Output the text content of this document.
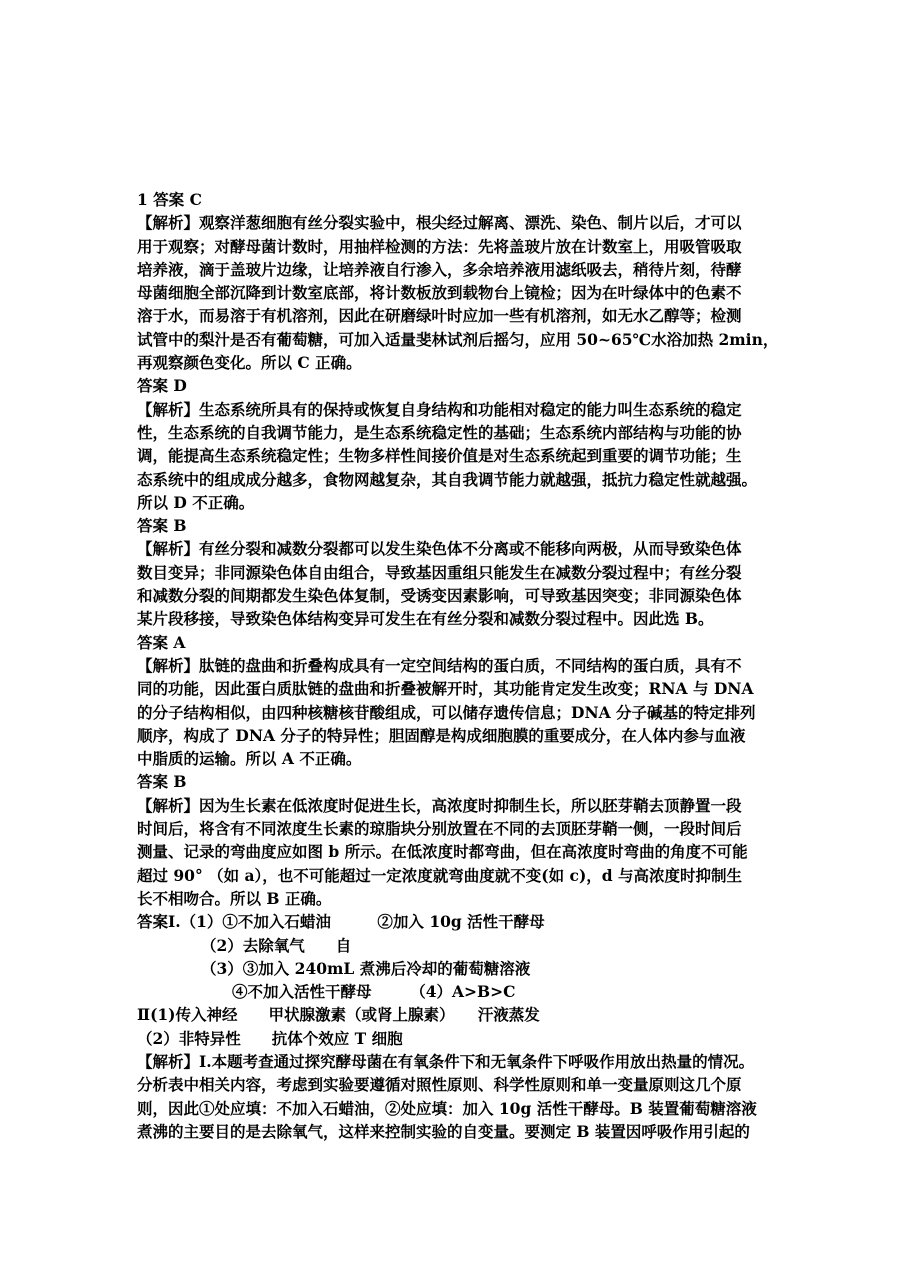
1 答案 C
【解析】观察洋葱细胞有丝分裂实验中，根尖经过解离、漂洗、染色、制片以后，才可以
用于观察；对酵母菌计数时，用抽样检测的方法：先将盖玻片放在计数室上，用吸管吸取
培养液，滴于盖玻片边缘，让培养液自行渗入，多余培养液用滤纸吸去，稍待片刻，待酵
母菌细胞全部沉降到计数室底部，将计数板放到载物台上镜检；因为在叶绿体中的色素不
溶于水，而易溶于有机溶剂，因此在研磨绿叶时应加一些有机溶剂，如无水乙醇等；检测
试管中的梨汁是否有葡萄糖，可加入适量斐林试剂后摇匀，应用 50~65℃水浴加热 2min，
再观察颜色变化。所以 C 正确。
答案 D
【解析】生态系统所具有的保持或恢复自身结构和功能相对稳定的能力叫生态系统的稳定
性，生态系统的自我调节能力，是生态系统稳定性的基础；生态系统内部结构与功能的协
调，能提高生态系统稳定性；生物多样性间接价值是对生态系统起到重要的调节功能；生
态系统中的组成成分越多，食物网越复杂，其自我调节能力就越强，抵抗力稳定性就越强。
所以 D 不正确。
答案 B
【解析】有丝分裂和减数分裂都可以发生染色体不分离或不能移向两极，从而导致染色体
数目变异；非同源染色体自由组合，导致基因重组只能发生在减数分裂过程中；有丝分裂
和减数分裂的间期都发生染色体复制，受诱变因素影响，可导致基因突变；非同源染色体
某片段移接，导致染色体结构变异可发生在有丝分裂和减数分裂过程中。因此选 B。
答案 A
【解析】肽链的盘曲和折叠构成具有一定空间结构的蛋白质，不同结构的蛋白质，具有不
同的功能，因此蛋白质肽链的盘曲和折叠被解开时，其功能肯定发生改变；RNA 与 DNA
的分子结构相似，由四种核糖核苷酸组成，可以储存遗传信息；DNA 分子碱基的特定排列
顺序，构成了 DNA 分子的特异性；胆固醇是构成细胞膜的重要成分，在人体内参与血液
中脂质的运输。所以 A 不正确。
答案 B
【解析】因为生长素在低浓度时促进生长，高浓度时抑制生长，所以胚芽鞘去顶静置一段
时间后，将含有不同浓度生长素的琼脂块分别放置在不同的去顶胚芽鞘一侧，一段时间后
测量、记录的弯曲度应如图 b 所示。在低浓度时都弯曲，但在高浓度时弯曲的角度不可能
超过 90° （如 a），也不可能超过一定浓度就弯曲度就不变(如 c)，d 与高浓度时抑制生
长不相吻合。所以 B 正确。
答案Ⅰ.（1）①不加入石蜡油　　　②加入 10g 活性干酵母
（2）去除氧气　　自
（3）③加入 240mL 煮沸后冷却的葡萄糖溶液
④不加入活性干酵母　　　（4）A>B>C
Ⅱ(1)传入神经　　甲状腺激素（或肾上腺素）　　汗液蒸发
（2）非特异性　　抗体个效应 T 细胞
【解析】Ⅰ.本题考查通过探究酵母菌在有氧条件下和无氧条件下呼吸作用放出热量的情况。
分析表中相关内容，考虑到实验要遵循对照性原则、科学性原则和单一变量原则这几个原
则，因此①处应填：不加入石蜡油，②处应填：加入 10g 活性干酵母。B 装置葡萄糖溶液
煮沸的主要目的是去除氧气，这样来控制实验的自变量。要测定 B 装置因呼吸作用引起的
